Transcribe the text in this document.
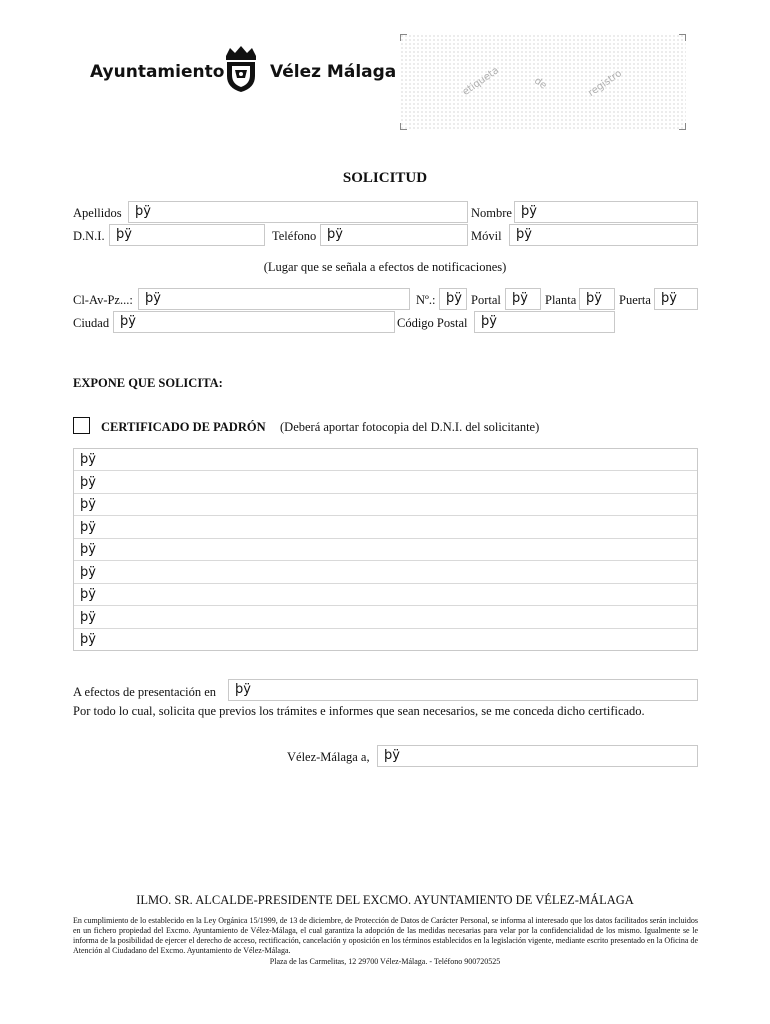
Ayuntamiento	Vélez Málaga	etiqueta	de	registro
SOLICITUD
Apellidos	þÿ	Nombre þÿ
D.N.I. þÿ	Teléfono þÿ	Móvil	þÿ
(Lugar que se señala a efectos de notificaciones)
Cl-Av-Pz...: þÿ	Nº.: þÿ Portal þÿ	Planta þÿ	Puerta þÿ
Ciudad þÿ	Código Postal	þÿ
EXPONE QUE SOLICITA:
CERTIFICADO DE PADRÓN (Deberá aportar fotocopia del D.N.I. del solicitante)
þÿ
þÿ
þÿ
þÿ
þÿ
þÿ
þÿ
þÿ
þÿ
A efectos de presentación en	þÿ
Por todo lo cual, solicita que previos los trámites e informes que sean necesarios, se me conceda dicho certificado.
Vélez-Málaga a,	þÿ
ILMO. SR. ALCALDE-PRESIDENTE DEL EXCMO. AYUNTAMIENTO DE VÉLEZ-MÁLAGA
En cumplimiento de lo establecido en la Ley Orgánica 15/1999, de 13 de diciembre, de Protección de Datos de Carácter Personal, se informa al interesado que los datos facilitados serán incluidos en un fichero propiedad del Excmo. Ayuntamiento de Vélez-Málaga, el cual garantiza la adopción de las medidas necesarias para velar por la confidencialidad de los mismo. Igualmente se le informa de la posibilidad de ejercer el derecho de acceso, rectificación, cancelación y oposición en los términos establecidos en la legislación vigente, mediante escrito presentado en la Oficina de Atención al Ciudadano del Excmo. Ayuntamiento de Vélez-Málaga.
Plaza de las Carmelitas, 12 29700 Vélez-Málaga. - Teléfono 900720525
